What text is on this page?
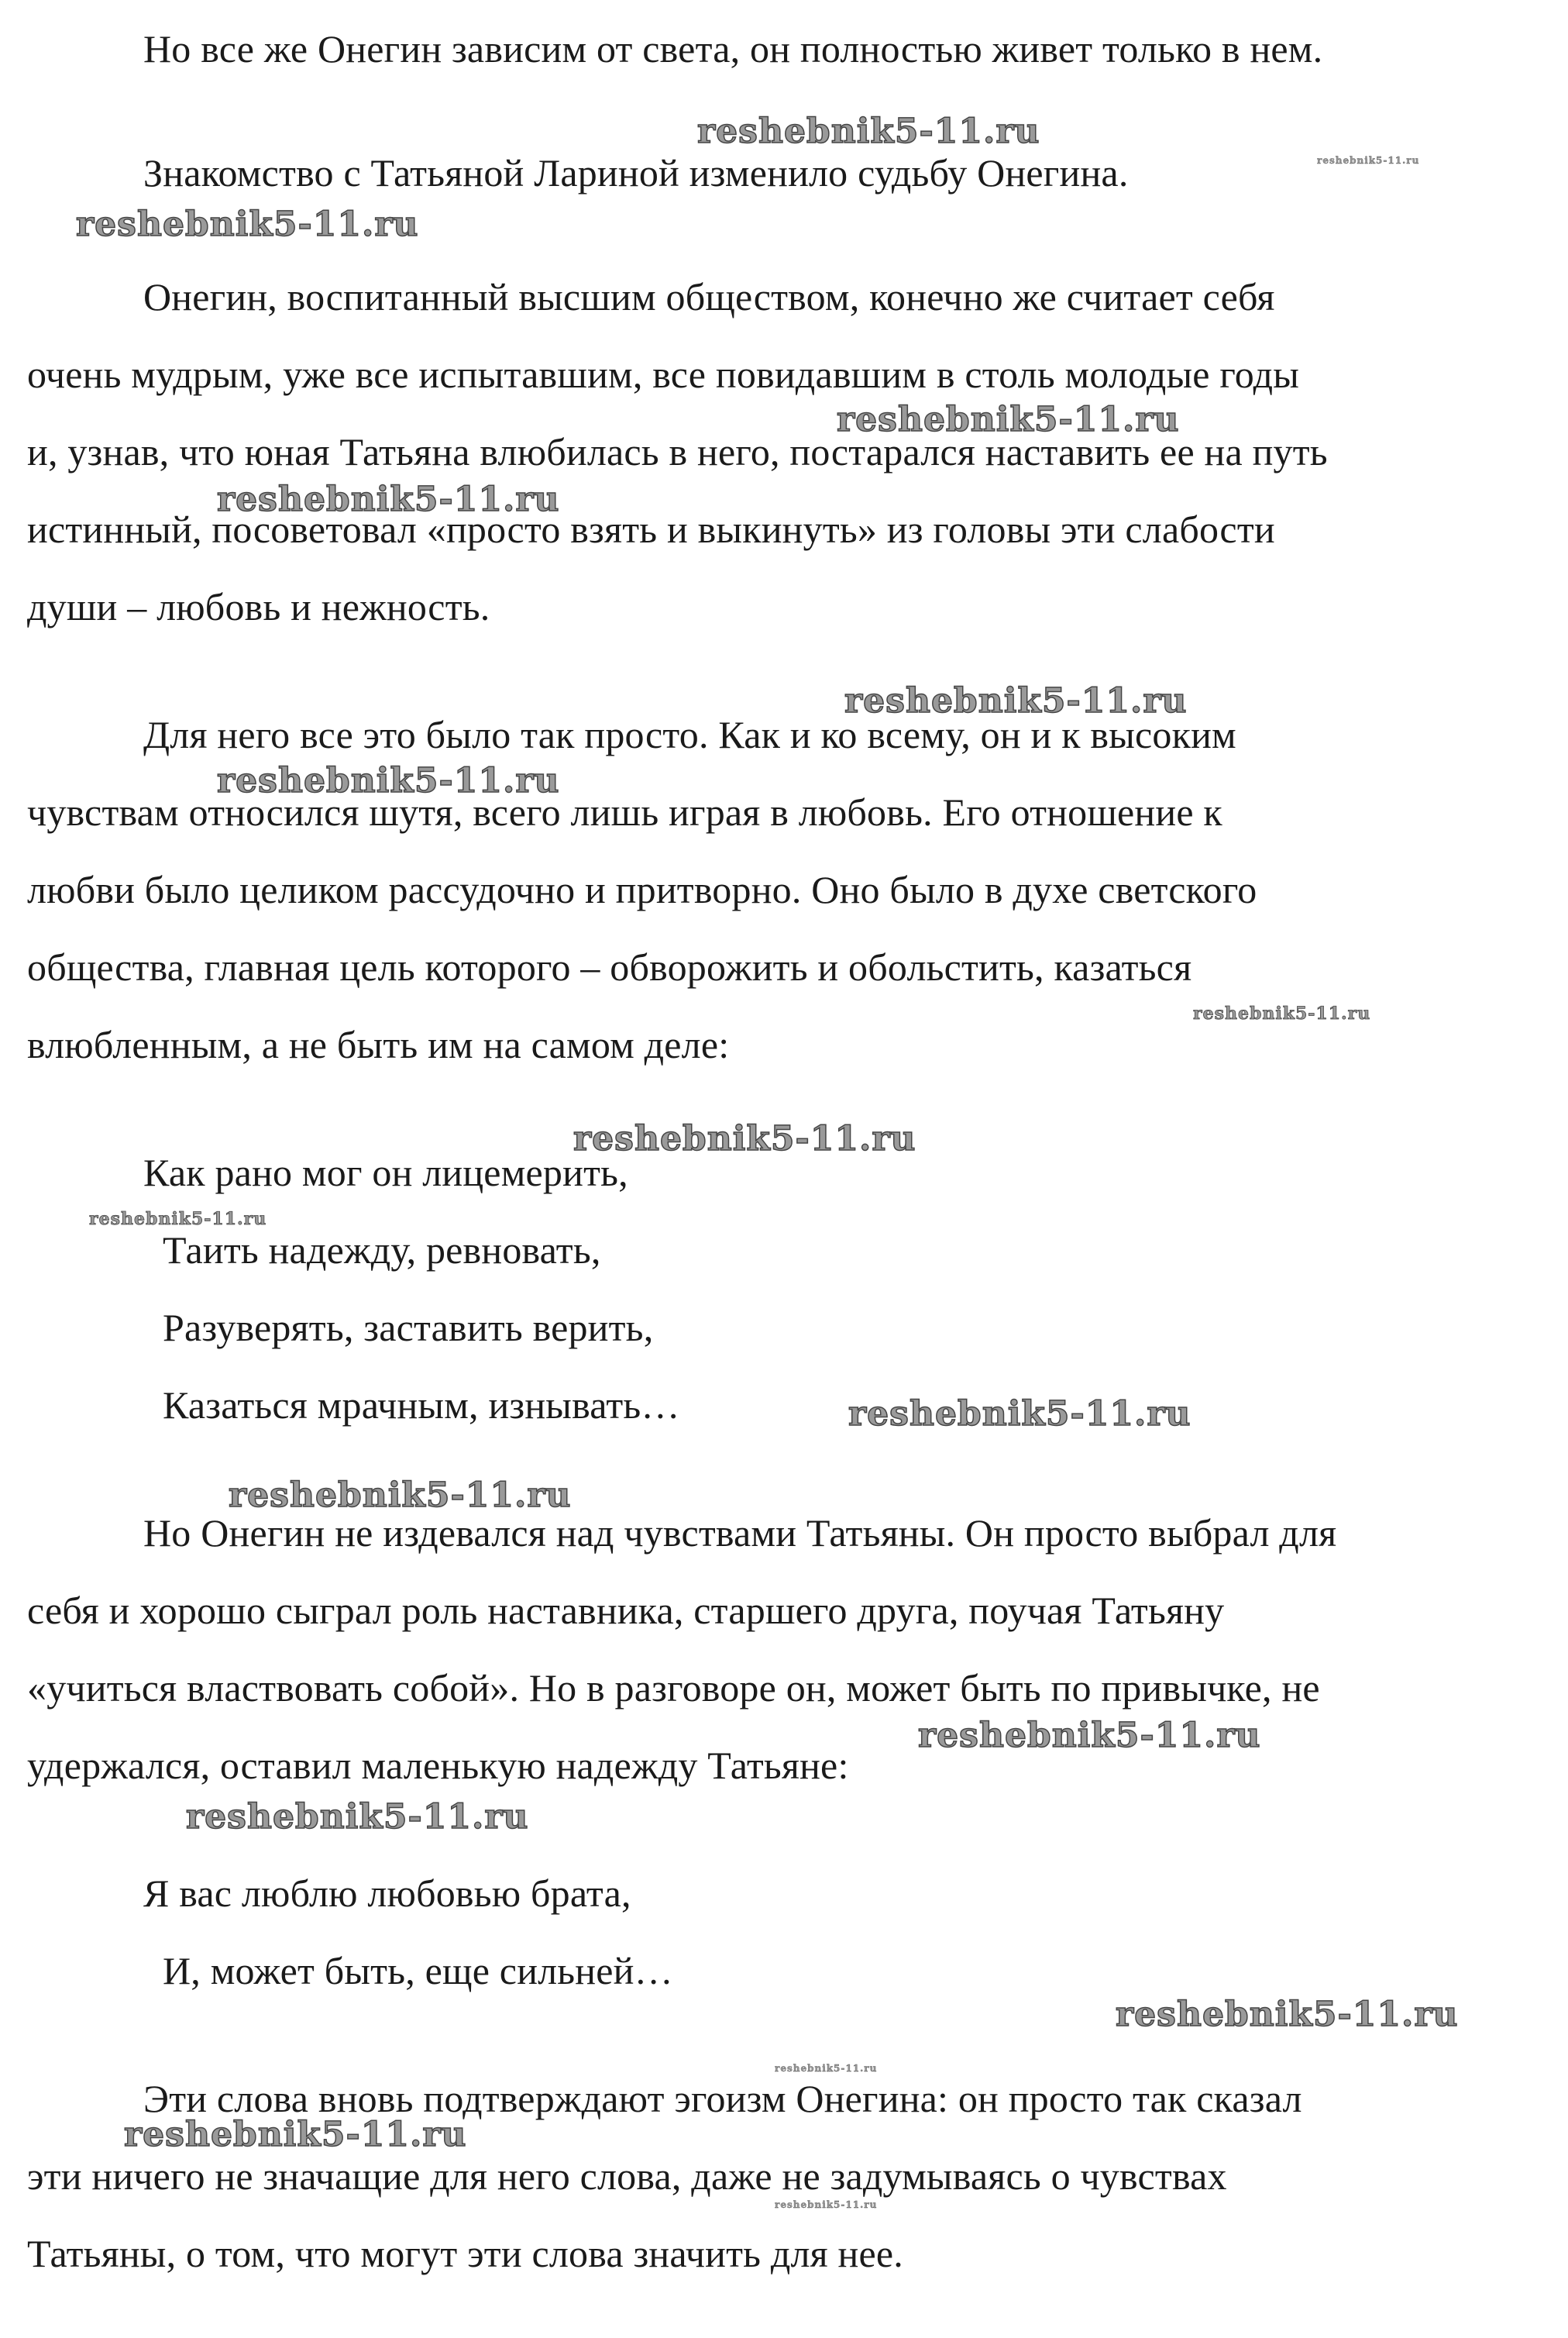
Но все же Онегин зависим от света, он полностью живет только в нем.
Знакомство с Татьяной Лариной изменило судьбу Онегина.
Онегин, воспитанный высшим обществом, конечно же считает себя
очень мудрым, уже все испытавшим, все повидавшим в столь молодые годы
и, узнав, что юная Татьяна влюбилась в него, постарался наставить ее на путь
истинный, посоветовал «просто взять и выкинуть» из головы эти слабости
души – любовь и нежность.
Для него все это было так просто. Как и ко всему, он и к высоким
чувствам относился шутя, всего лишь играя в любовь. Его отношение к
любви было целиком рассудочно и притворно. Оно было в духе светского
общества, главная цель которого – обворожить и обольстить, казаться
влюбленным, а не быть им на самом деле:
Как рано мог он лицемерить,
Таить надежду, ревновать,
Разуверять, заставить верить,
Казаться мрачным, изнывать…
Но Онегин не издевался над чувствами Татьяны. Он просто выбрал для
себя и хорошо сыграл роль наставника, старшего друга, поучая Татьяну
«учиться властвовать собой». Но в разговоре он, может быть по привычке, не
удержался, оставил маленькую надежду Татьяне:
Я вас люблю любовью брата,
И, может быть, еще сильней…
Эти слова вновь подтверждают эгоизм Онегина: он просто так сказал
эти ничего не значащие для него слова, даже не задумываясь о чувствах
Татьяны, о том, что могут эти слова значить для нее.
reshebnik5-11.ru
reshebnik5-11.ru
reshebnik5-11.ru
reshebnik5-11.ru
reshebnik5-11.ru
reshebnik5-11.ru
reshebnik5-11.ru
reshebnik5-11.ru
reshebnik5-11.ru
reshebnik5-11.ru
reshebnik5-11.ru
reshebnik5-11.ru
reshebnik5-11.ru
reshebnik5-11.ru
reshebnik5-11.ru
reshebnik5-11.ru
reshebnik5-11.ru
reshebnik5-11.ru
